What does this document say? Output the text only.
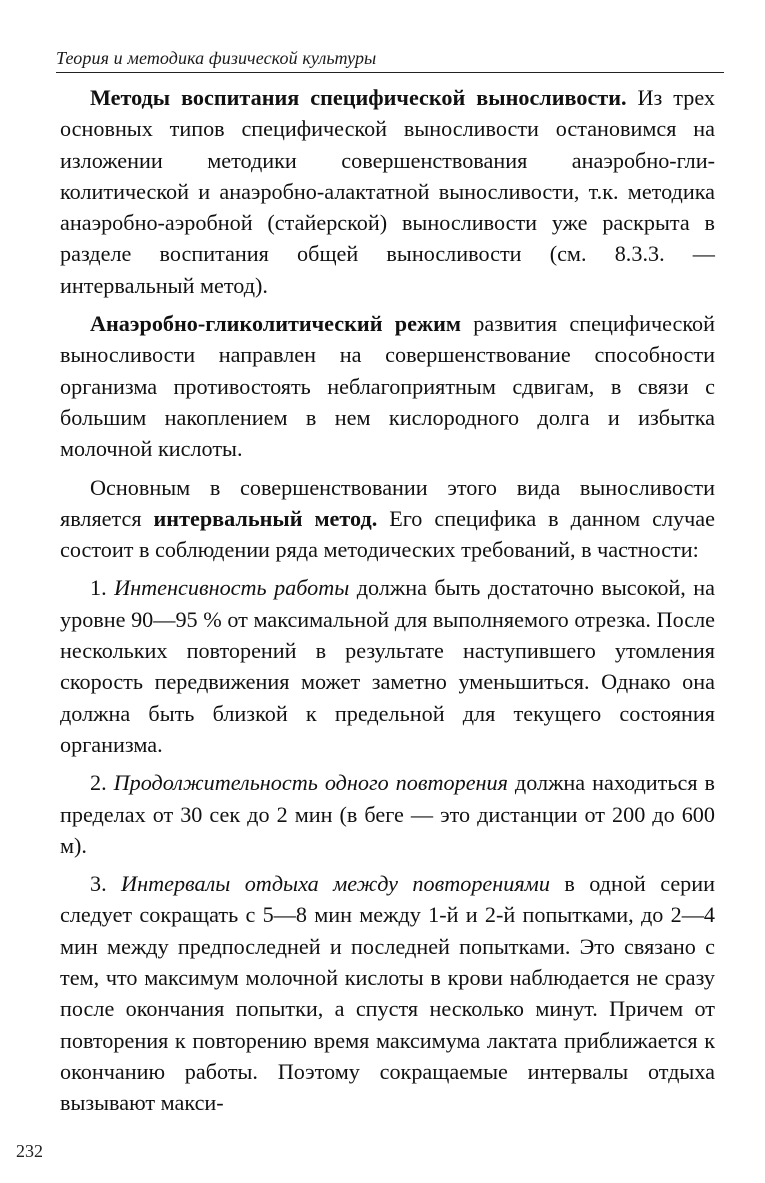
Теория и методика физической культуры

Методы воспитания специфической выносливости. Из трех основных типов специфической выносливости остановимся на изложении методики совершенствования анаэробно-гликолитической и анаэробно-алактатной выносливости, т.к. методика анаэробно-аэробной (стайерской) выносливости уже раскрыта в разделе воспитания общей выносливости (см. 8.3.3. — интервальный метод).

Анаэробно-гликолитический режим развития специфической выносливости направлен на совершенствование способности организма противостоять неблагоприятным сдвигам, в связи с большим накоплением в нем кислородного долга и избытка молочной кислоты.

Основным в совершенствовании этого вида выносливости является интервальный метод. Его специфика в данном случае состоит в соблюдении ряда методических требований, в частности:

1. Интенсивность работы должна быть достаточно высокой, на уровне 90—95 % от максимальной для выполняемого отрезка. После нескольких повторений в результате наступившего утомления скорость передвижения может заметно уменьшиться. Однако она должна быть близкой к предельной для текущего состояния организма.

2. Продолжительность одного повторения должна находиться в пределах от 30 сек до 2 мин (в беге — это дистанции от 200 до 600 м).

3. Интервалы отдыха между повторениями в одной серии следует сокращать с 5—8 мин между 1-й и 2-й попытками, до 2—4 мин между предпоследней и последней попытками. Это связано с тем, что максимум молочной кислоты в крови наблюдается не сразу после окончания попытки, а спустя несколько минут. Причем от повторения к повторению время максимума лактата приближается к окончанию работы. Поэтому сокращаемые интервалы отдыха вызывают макси-

232
